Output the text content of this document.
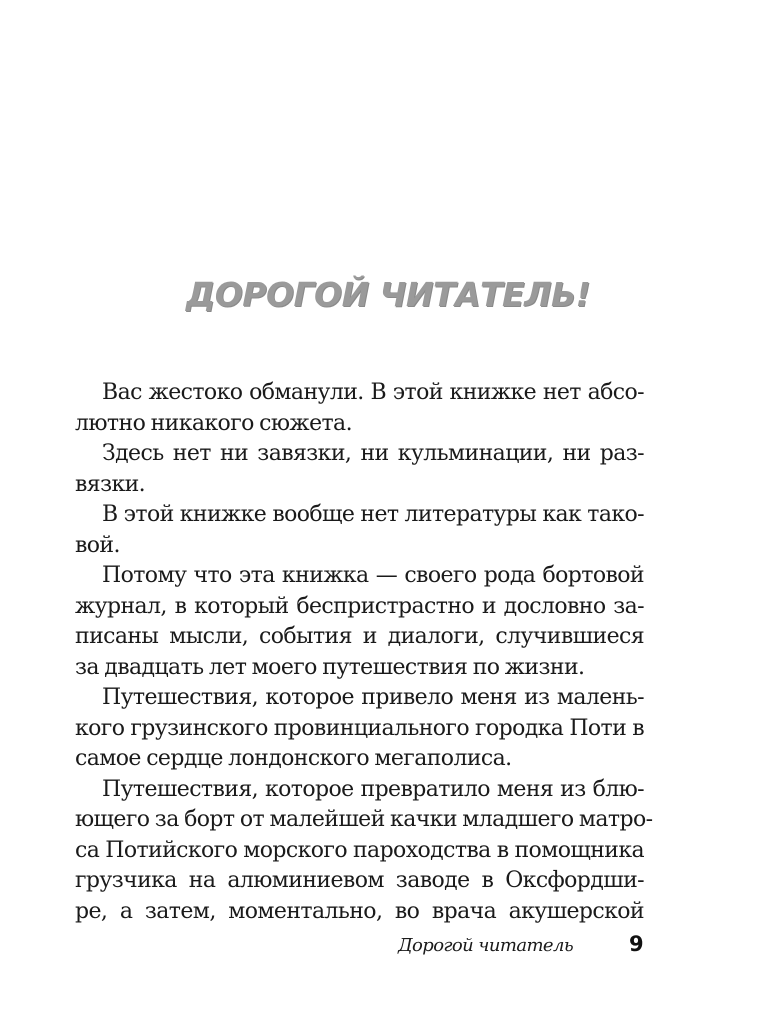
ДОРОГОЙ ЧИТАТЕЛЬ!
Вас жестоко обманули. В этой книжке нет абсо-
лютно никакого сюжета.
Здесь нет ни завязки, ни кульминации, ни раз-
вязки.
В этой книжке вообще нет литературы как тако-
вой.
Потому что эта книжка — своего рода бортовой
журнал, в который беспристрастно и дословно за-
писаны мысли, события и диалоги, случившиеся
за двадцать лет моего путешествия по жизни.
Путешествия, которое привело меня из малень-
кого грузинского провинциального городка Поти в
самое сердце лондонского мегаполиса.
Путешествия, которое превратило меня из блю-
ющего за борт от малейшей качки младшего матро-
са Потийского морского пароходства в помощника
грузчика на алюминиевом заводе в Оксфордши-
ре, а затем, моментально, во врача акушерской
Дорогой читатель	9
